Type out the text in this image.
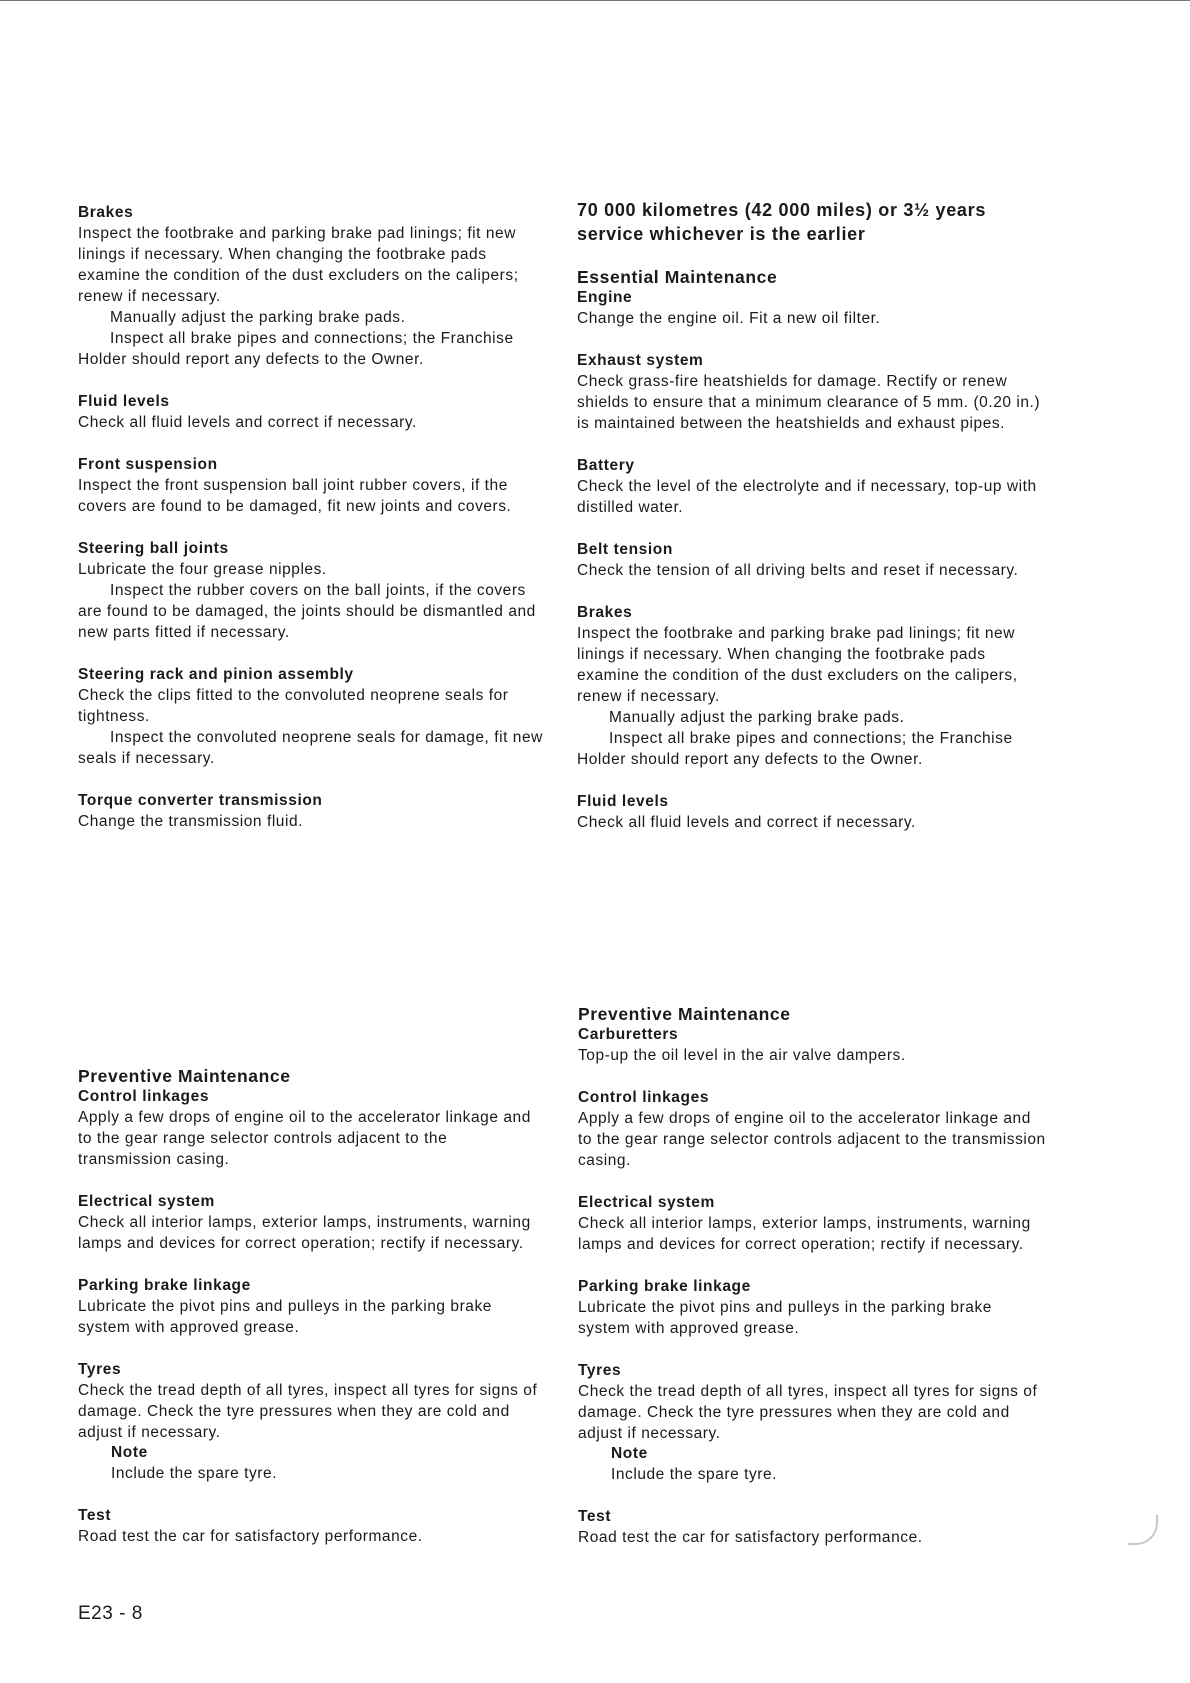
Brakes

Inspect the footbrake and parking brake pad linings; fit new linings if necessary. When changing the footbrake pads examine the condition of the dust excluders on the calipers; renew if necessary.

Manually adjust the parking brake pads.

Inspect all brake pipes and connections; the Franchise Holder should report any defects to the Owner.

Fluid levels

Check all fluid levels and correct if necessary.

Front suspension

Inspect the front suspension ball joint rubber covers, if the covers are found to be damaged, fit new joints and covers.

Steering ball joints

Lubricate the four grease nipples.

Inspect the rubber covers on the ball joints, if the covers are found to be damaged, the joints should be dismantled and new parts fitted if necessary.

Steering rack and pinion assembly

Check the clips fitted to the convoluted neoprene seals for tightness.

Inspect the convoluted neoprene seals for damage, fit new seals if necessary.

Torque converter transmission

Change the transmission fluid.

70 000 kilometres (42 000 miles) or 3½ years service whichever is the earlier
Essential Maintenance
Engine

Change the engine oil. Fit a new oil filter.

Exhaust system

Check grass-fire heatshields for damage. Rectify or renew shields to ensure that a minimum clearance of 5 mm. (0.20 in.) is maintained between the heatshields and exhaust pipes.

Battery

Check the level of the electrolyte and if necessary, top-up with distilled water.

Belt tension

Check the tension of all driving belts and reset if necessary.

Brakes

Inspect the footbrake and parking brake pad linings; fit new linings if necessary. When changing the footbrake pads examine the condition of the dust excluders on the calipers, renew if necessary.

Manually adjust the parking brake pads.

Inspect all brake pipes and connections; the Franchise Holder should report any defects to the Owner.

Fluid levels

Check all fluid levels and correct if necessary.

Preventive Maintenance
Control linkages

Apply a few drops of engine oil to the accelerator linkage and to the gear range selector controls adjacent to the transmission casing.

Electrical system

Check all interior lamps, exterior lamps, instruments, warning lamps and devices for correct operation; rectify if necessary.

Parking brake linkage

Lubricate the pivot pins and pulleys in the parking brake system with approved grease.

Tyres

Check the tread depth of all tyres, inspect all tyres for signs of damage. Check the tyre pressures when they are cold and adjust if necessary.

Note

Include the spare tyre.

Test

Road test the car for satisfactory performance.

Preventive Maintenance
Carburetters

Top-up the oil level in the air valve dampers.

Control linkages

Apply a few drops of engine oil to the accelerator linkage and to the gear range selector controls adjacent to the transmission casing.

Electrical system

Check all interior lamps, exterior lamps, instruments, warning lamps and devices for correct operation; rectify if necessary.

Parking brake linkage

Lubricate the pivot pins and pulleys in the parking brake system with approved grease.

Tyres

Check the tread depth of all tyres, inspect all tyres for signs of damage. Check the tyre pressures when they are cold and adjust if necessary.

Note

Include the spare tyre.

Test

Road test the car for satisfactory performance.

E23 - 8
